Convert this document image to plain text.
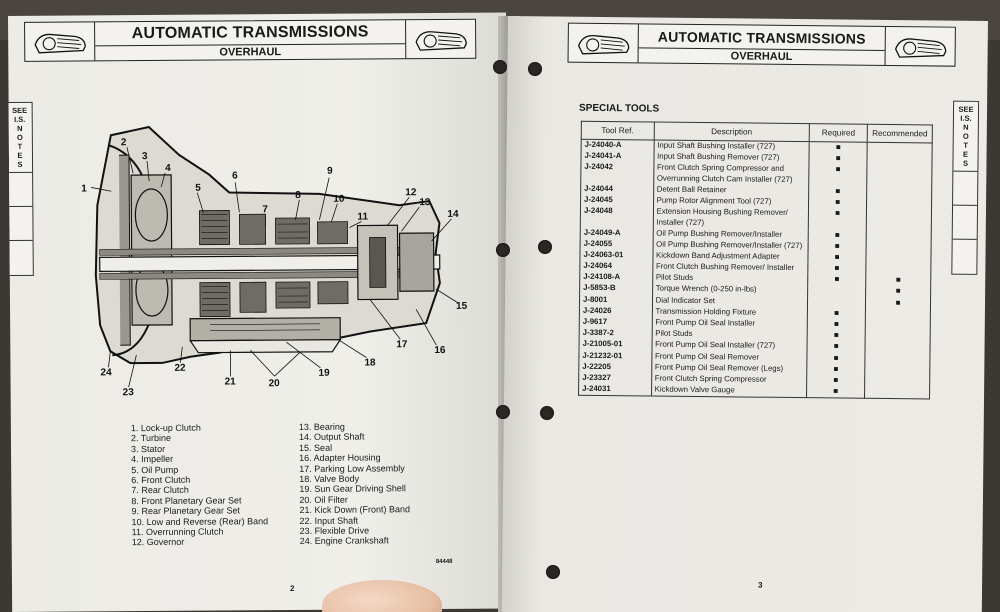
AUTOMATIC TRANSMISSIONS
OVERHAUL
SEE
I.S.
N
O
T
E
S
1
2
3
4
5
6
7
8
9
10
11
12
13
14
15
16
17
18
19
20
21
22
23
24
1. Lock-up Clutch
2. Turbine
3. Stator
4. Impeller
5. Oil Pump
6. Front Clutch
7. Rear Clutch
8. Front Planetary Gear Set
9. Rear Planetary Gear Set
10. Low and Reverse (Rear) Band
11. Overrunning Clutch
12. Governor
13. Bearing
14. Output Shaft
15. Seal
16. Adapter Housing
17. Parking Low Assembly
18. Valve Body
19. Sun Gear Driving Shell
20. Oil Filter
21. Kick Down (Front) Band
22. Input Shaft
23. Flexible Drive
24. Engine Crankshaft
84448
2
AUTOMATIC TRANSMISSIONS
OVERHAUL
SEE
I.S.
N
O
T
E
S
SPECIAL TOOLS
Tool Ref.	Description	Required	Recommended
J-24040-A	Input Shaft Bushing Installer (727)	■	
J-24041-A	Input Shaft Bushing Remover (727)	■	
J-24042	Front Clutch Spring Compressor and Overrunning Clutch Cam Installer (727)	■	
J-24044	Detent Ball Retainer	■	
J-24045	Pump Rotor Alignment Tool (727)	■	
J-24048	Extension Housing Bushing Remover/ Installer (727)	■	
J-24049-A	Oil Pump Bushing Remover/Installer	■	
J-24055	Oil Pump Bushing Remover/Installer (727)	■	
J-24063-01	Kickdown Band Adjustment Adapter	■	
J-24064	Front Clutch Bushing Remover/ Installer	■	
J-24108-A	Pilot Studs	■	■
J-5853-B	Torque Wrench (0-250 in-lbs)		■
J-8001	Dial Indicator Set		■
J-24026	Transmission Holding Fixture	■	
J-9617	Front Pump Oil Seal Installer	■	
J-3387-2	Pilot Studs	■	
J-21005-01	Front Pump Oil Seal Installer (727)	■	
J-21232-01	Front Pump Oil Seal Remover	■	
J-22205	Front Pump Oil Seal Remover (Legs)	■	
J-23327	Front Clutch Spring Compressor	■	
J-24031	Kickdown Valve Gauge	■	
3
